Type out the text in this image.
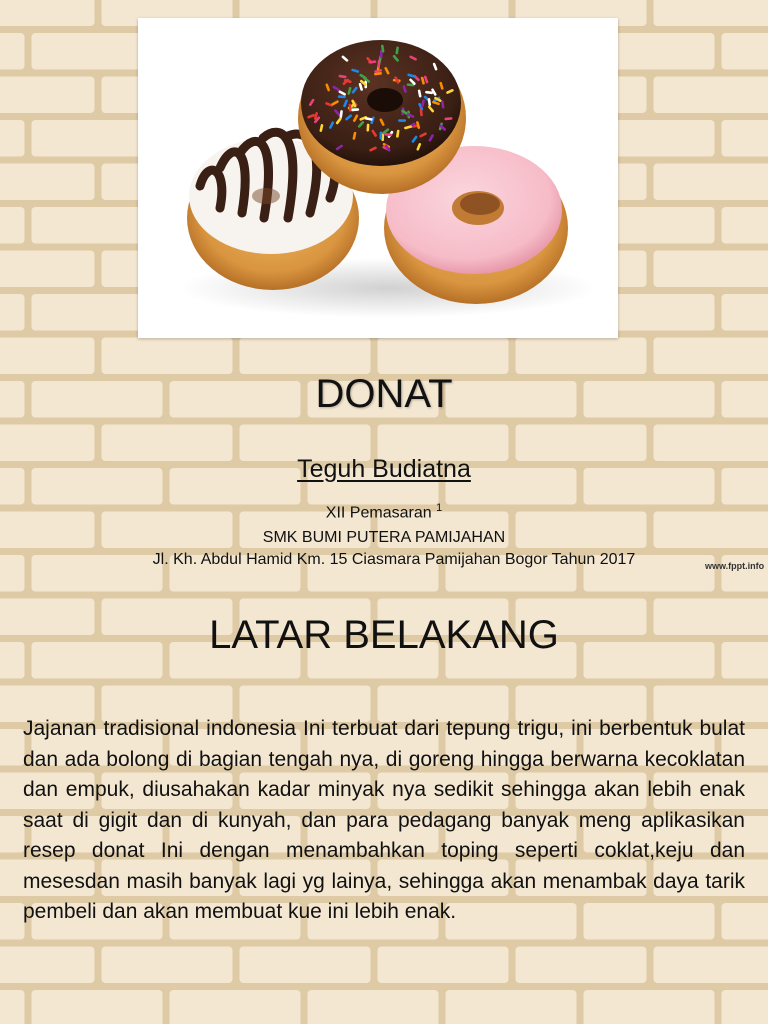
DONAT
Teguh Budiatna
XII Pemasaran $^1$
SMK BUMI PUTERA PAMIJAHAN
Jl. Kh. Abdul Hamid Km. 15 Ciasmara Pamijahan Bogor Tahun 2017	www.fppt.info
LATAR BELAKANG
Jajanan tradisional indonesia Ini terbuat dari tepung trigu, ini berbentuk bulat dan ada bolong di bagian tengah nya, di goreng hingga berwarna kecoklatan dan empuk, diusahakan kadar minyak nya sedikit sehingga akan lebih enak saat di gigit dan di kunyah, dan para pedagang banyak meng aplikasikan resep donat Ini dengan menambahkan toping seperti coklat,keju dan mesesdan masih banyak lagi yg lainya, sehingga akan menambak daya tarik pembeli dan akan membuat kue ini lebih enak.
